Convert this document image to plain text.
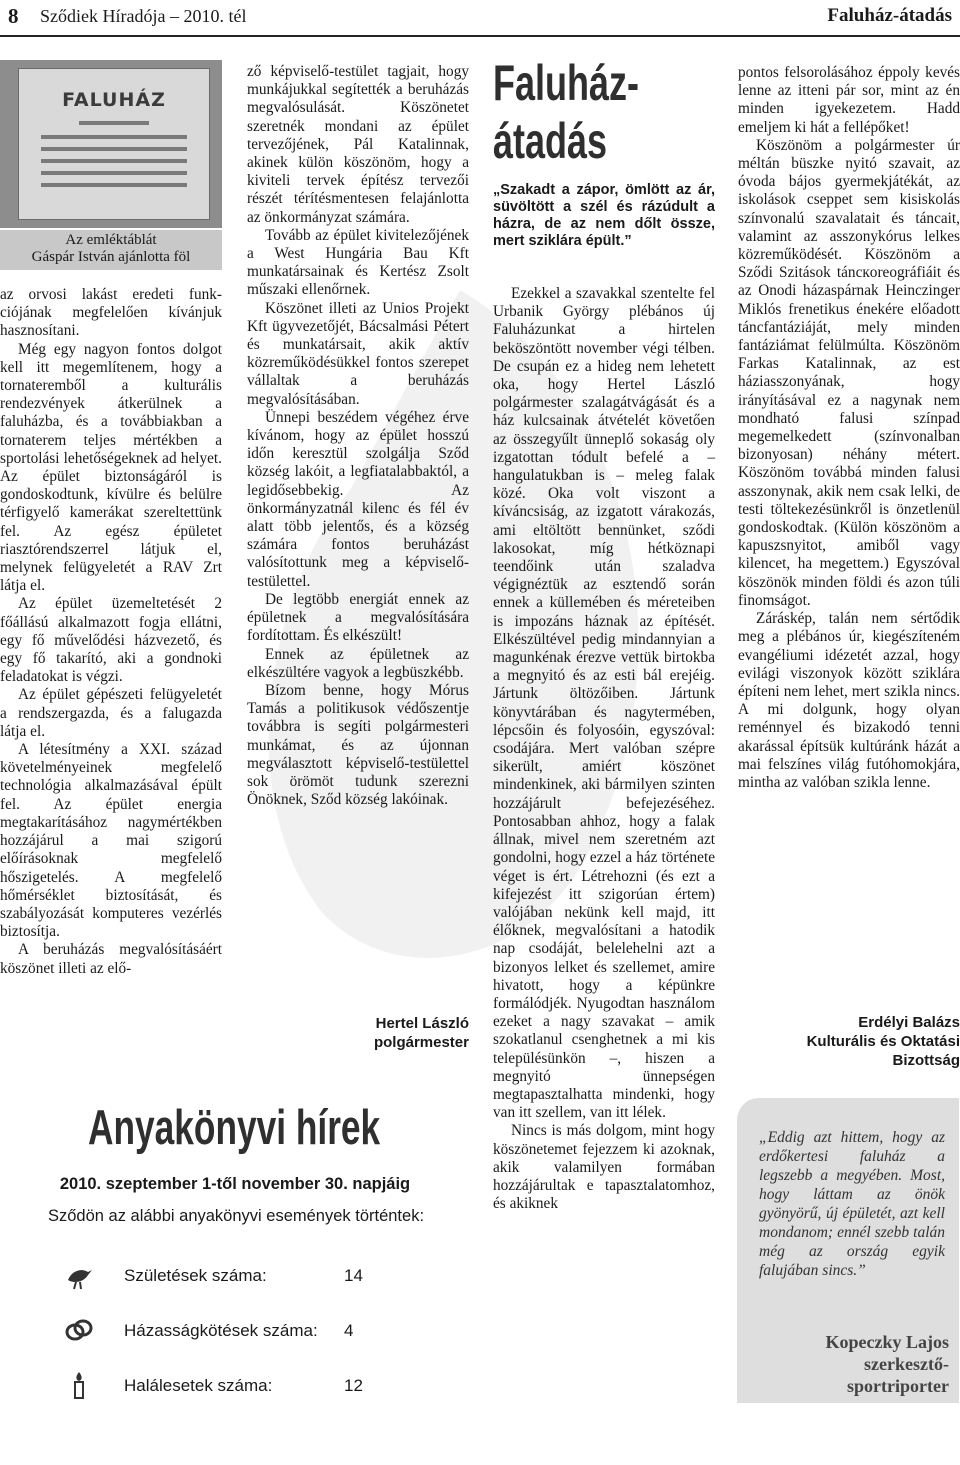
8 Sződiek Híradója – 2010. tél	Faluház-átadás
FALUHÁZ
Az emléktáblát
Gáspár István ajánlotta föl

az orvosi lakást eredeti funk-ciójának megfelelően kívánjuk hasznosítani.

Még egy nagyon fontos dolgot kell itt megemlítenem, hogy a tornateremből a kulturális rendezvények átkerülnek a faluházba, és a továbbiakban a tornaterem teljes mértékben a sportolási lehetőségeknek ad helyet. Az épület biztonságáról is gondoskodtunk, kívülre és belülre térfigyelő kamerákat szereltettünk fel. Az egész épületet riasztórendszerrel látjuk el, melynek felügyeletét a RAV Zrt látja el.

Az épület üzemeltetését 2 főállású alkalmazott fogja ellátni, egy fő művelődési házvezető, és egy fő takarító, aki a gondnoki feladatokat is végzi.

Az épület gépészeti felügyeletét a rendszergazda, és a falugazda látja el.

A létesítmény a XXI. század követelményeinek megfelelő technológia alkalmazásával épült fel. Az épület energia megtakarításához nagymértékben hozzájárul a mai szigorú előírásoknak megfelelő hőszigetelés. A megfelelő hőmérséklet biztosítását, és szabályozását komputeres vezérlés biztosítja.

A beruházás megvalósításáért köszönet illeti az elő-

ző képviselő-testület tagjait, hogy munkájukkal segítették a beruházás megvalósulását. Köszönetet szeretnék mondani az épület tervezőjének, Pál Katalinnak, akinek külön köszönöm, hogy a kiviteli tervek építész tervezői részét térítésmentesen felajánlotta az önkormányzat számára.

Tovább az épület kivitelezőjének a West Hungária Bau Kft munkatársainak és Kertész Zsolt műszaki ellenőrnek.

Köszönet illeti az Unios Projekt Kft ügyvezetőjét, Bácsalmási Pétert és munkatársait, akik aktív közreműködésükkel fontos szerepet vállaltak a beruházás megvalósításában.

Ünnepi beszédem végéhez érve kívánom, hogy az épület hosszú időn keresztül szolgálja Sződ község lakóit, a legfiatalabbaktól, a legidősebbekig. Az önkormányzatnál kilenc és fél év alatt több jelentős, és a község számára fontos beruházást valósítottunk meg a képviselő-testülettel.

De legtöbb energiát ennek az épületnek a megvalósítására fordítottam. És elkészült!

Ennek az épületnek az elkészültére vagyok a legbüszkébb.

Bízom benne, hogy Mórus Tamás a politikusok védőszentje továbbra is segíti polgármesteri munkámat, és az újonnan megválasztott képviselő-testülettel sok örömöt tudunk szerezni Önöknek, Sződ község lakóinak.

Hertel László
polgármester
Faluház-
átadás
„Szakadt a zápor, ömlött az ár, süvöltött a szél és rázúdult a házra, de az nem dőlt össze, mert sziklára épült.”

Ezekkel a szavakkal szenteltе fel Urbanik György plébános új Faluházunkat a hirtelen beköszöntött november végi télben. De csupán ez a hideg nem lehetett oka, hogy Hertel László polgármester szalagátvágását és a ház kulcsainak átvételét követően az összegyűlt ünneplő sokaság oly izgatottan tódult befelé a – hangulatukban is – meleg falak közé. Oka volt viszont a kíváncsiság, az izgatott várakozás, ami eltöltött bennünket, sződi lakosokat, míg hétköznapi teendőink után szaladva végignéztük az esztendő során ennek a küllemében és méreteiben is impozáns háznak az építését. Elkészültével pedig mindannyian a magunkénak érezve vettük birtokba a megnyitó és az esti bál erejéig. Jártunk öltözőiben. Jártunk könyvtárában és nagytermében, lépcsőin és folyosóin, egyszóval: csodájára. Mert valóban szépre sikerült, amiért köszönet mindenkinek, aki bármilyen szinten hozzájárult befejezéséhez. Pontosabban ahhoz, hogy a falak állnak, mivel nem szeretném azt gondolni, hogy ezzel a ház története véget is ért. Létrehozni (és ezt a kifejezést itt szigorúan értem) valójában nekünk kell majd, itt élőknek, megvalósítani a hatodik nap csodáját, belelehelni azt a bizonyos lelket és szellemet, amire hivatott, hogy a képünkre formálódjék. Nyugodtan használom ezeket a nagy szavakat – amik szokatlanul csenghetnek a mi kis településünkön –, hiszen a megnyitó ünnepségen megtapasztalhatta mindenki, hogy van itt szellem, van itt lélek.

Nincs is más dolgom, mint hogy köszönetemet fejezzem ki azoknak, akik valamilyen formában hozzájárultak e tapasztalatomhoz, és akiknek

pontos felsorolásához éppoly kevés lenne az itteni pár sor, mint az én minden igyekezetem. Hadd emeljem ki hát a fellépőket!

Köszönöm a polgármester úr méltán büszke nyitó szavait, az óvoda bájos gyermekjátékát, az iskolások cseppet sem kisiskolás színvonalú szavalatait és táncait, valamint az asszonykórus lelkes közreműködését. Köszönöm a Sződi Szitások táncкoreográfiáit és az Onodi házaspárnak Heinczinger Miklós frenetikus énekére előadott táncfantáziáját, mely minden fantáziámat felülmúlta. Köszönöm Farkas Katalinnak, az est háziasszonyának, hogy irányításával ez a nagynak nem mondható falusi színpad megemelkedett (színvonalban bizonyosan) néhány métert. Köszönöm továbbá minden falusi asszonynak, akik nem csak lelki, de testi töltekezésünkről is önzetlenül gondoskodtak. (Külön köszönöm a kapuszsnyitot, amiből vagy kilencet, ha megettem.) Egyszóval köszönök minden földi és azon túli finomságot.

Záráskép, talán nem sértődik meg a plébános úr, kiegészítеném evangéliumi idézetét azzal, hogy evilági viszonyok között sziklára építeni nem lehet, mert szikla nincs. A mi dolgunk, hogy olyan reménnyel és bizakodó tenni akarással építsük kultúránk házát a mai felszínes világ futóhomokjára, mintha az valóban szikla lenne.

Erdélyi Balázs
Kulturális és Oktatási
Bizottság
„Eddig azt hittem, hogy az erdőkertesi faluház a legszebb a megyében. Most, hogy láttam az önök gyönyörű, új épületét, azt kell mondanom; ennél szebb talán még az ország egyik falujában sincs.”
Kopeczky Lajos
szerkesztő-
sportriporter
Anyakönyvi hírek
2010. szeptember 1-től november 30. napjáig
Sződön az alábbi anyakönyvi események történtek:
Születések száma:	14
Házasságkötések száma: 4
Halálesetek száma:	12
